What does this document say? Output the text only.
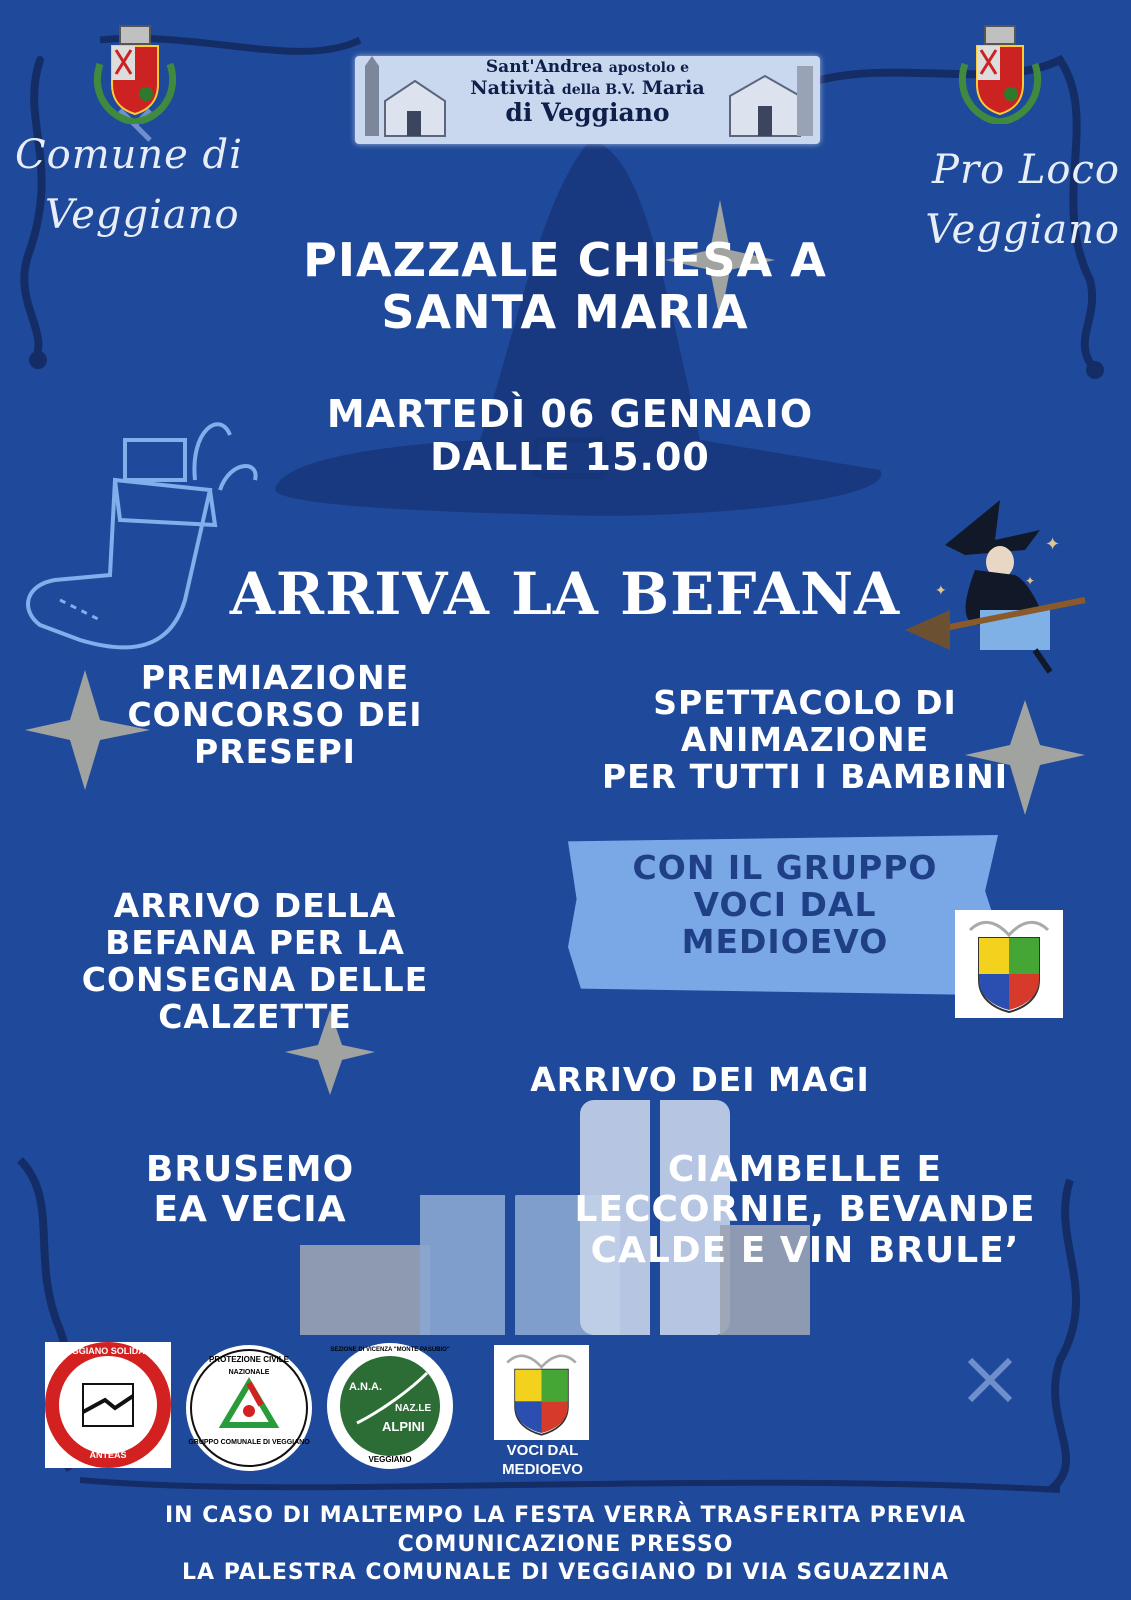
✦
✦
✦
Sant'Andrea apostolo e
Natività della B.V. Maria
di Veggiano
Comune di
Veggiano
Pro Loco
Veggiano
PIAZZALE CHIESA A
SANTA MARIA
MARTEDÌ 06 GENNAIO
DALLE 15.00
ARRIVA LA BEFANA
PREMIAZIONE
CONCORSO DEI
PRESEPI
SPETTACOLO DI
ANIMAZIONE
PER TUTTI I BAMBINI
CON IL GRUPPO
VOCI DAL
MEDIOEVO
ARRIVO DELLA
BEFANA PER LA
CONSEGNA DELLE
CALZETTE
ARRIVO DEI MAGI
BRUSEMO
EA VECIA
CIAMBELLE E
LECCORNIE, BEVANDE
CALDE E VIN BRULE’
VEGGIANO SOLIDALE
ANTEAS
PROTEZIONE CIVILE
NAZIONALE
GRUPPO COMUNALE DI VEGGIANO
SEZIONE DI VICENZA "MONTE PASUBIO"
A.N.A.
NAZ.LE
ALPINI
VEGGIANO
VOCI DAL
MEDIOEVO
IN CASO DI MALTEMPO LA FESTA VERRÀ TRASFERITA PREVIA
COMUNICAZIONE PRESSO
LA PALESTRA COMUNALE DI VEGGIANO DI VIA SGUAZZINA
